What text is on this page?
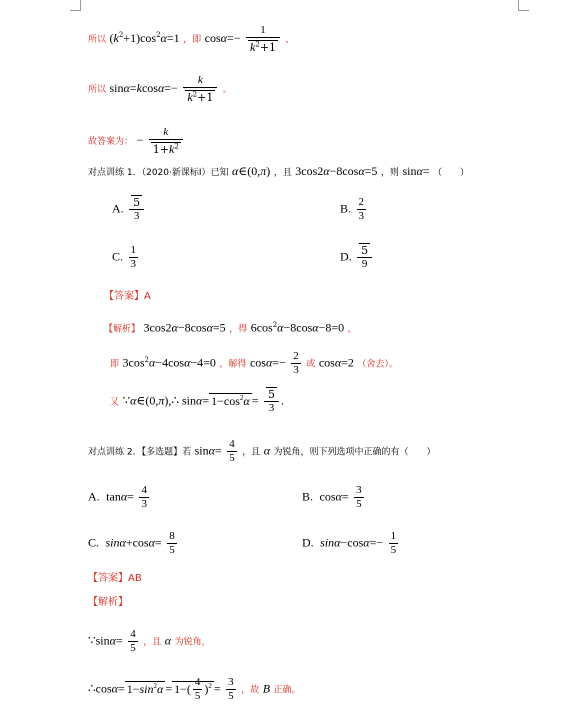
所以 $(k^2+1)\cos^2\alpha=1$ ，即 $\cos\alpha=- \frac{1}{k^2+1}$ ，
所以 $\sin\alpha=kcos\alpha=- \frac{k}{k^2+1}$ 。
故答案为： − $\frac{k}{1+k^2}$
对点训练 1．（2020·新课标Ⅰ）已知 α∈(0,π) ，且 3cos2α−8cosα=5 ，则 sinα= （　　）
A. $\frac{5}{3}$	B. $\frac{2}{3}$
C. $\frac{1}{3}$	D. $\frac{5}{9}$
【答案】A
【解析】 3cos2α−8cosα=5 ，得 $6\cos^2\alpha-8\cos\alpha-8=0$ ，
即 $3\cos^2\alpha-4\cos\alpha-4=0$ ，解得 $\cos\alpha=- \frac{2}{3}$ 或 cosα=2 （舍去）。
又 ∵α∈(0,π),∴ $\sin\alpha= 1-\cos^2\alpha = \frac{5}{3}$ .
对点训练 2．【多选题】若 $\sin\alpha= \frac{4}{5}$ ，且 α 为锐角，则下列选项中正确的有（　　）
A.  $\tan\alpha= \frac{4}{3}$	B.  $\cos\alpha= \frac{3}{5}$
C.  $\sin\alpha+\cos\alpha= \frac{8}{5}$	D.  $\sin\alpha-\cos\alpha=- \frac{1}{5}$
【答案】AB
【解析】
∵sinα= $\frac{4}{5}$ ，且 α 为锐角，
∴cosα= $1-\sin^2\alpha = 1-( \frac{4}{5} )^2 = \frac{3}{5}$ ，故 B 正确。
